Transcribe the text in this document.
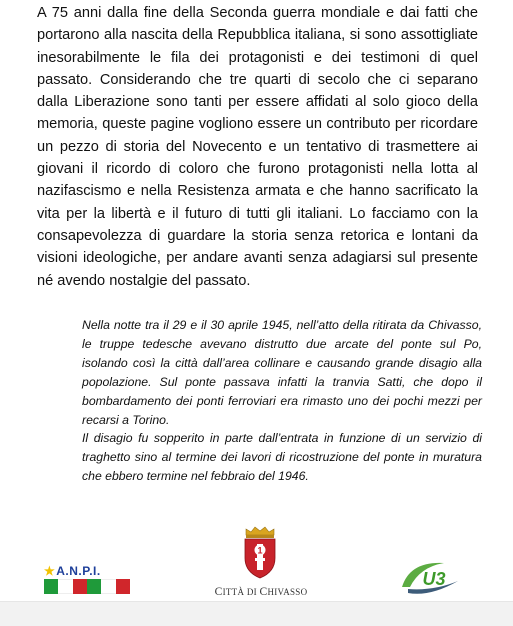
A 75 anni dalla fine della Seconda guerra mondiale e dai fatti che portarono alla nascita della Repubblica italiana, si sono assottigliate inesorabilmente le fila dei protagonisti e dei testimoni di quel passato. Considerando che tre quarti di secolo che ci separano dalla Liberazione sono tanti per essere affidati al solo gioco della memoria, queste pagine vogliono essere un contributo per ricordare un pezzo di storia del Novecento e un tentativo di trasmettere ai giovani il ricordo di coloro che furono protagonisti nella lotta al nazifascismo e nella Resistenza armata e che hanno sacrificato la vita per la libertà e il futuro di tutti gli italiani. Lo facciamo con la consapevolezza di guardare la storia senza retorica e lontani da visioni ideologiche, per andare avanti senza adagiarsi sul presente né avendo nostalgie del passato.

Nella notte tra il 29 e il 30 aprile 1945, nell’atto della ritirata da Chivasso, le truppe tedesche avevano distrutto due arcate del ponte sul Po, isolando così la città dall’area collinare e causando grande disagio alla popolazione. Sul ponte passava infatti la tranvia Satti, che dopo il bombardamento dei ponti ferroviari era rimasto uno dei pochi mezzi per recarsi a Torino.

Il disagio fu sopperito in parte dall’entrata in funzione di un servizio di traghetto sino al termine dei lavori di ricostruzione del ponte in muratura che ebbero termine nel febbraio del 1946.

★A.N.P.I.
1
CITTÀ DI CHIVASSO
U3
